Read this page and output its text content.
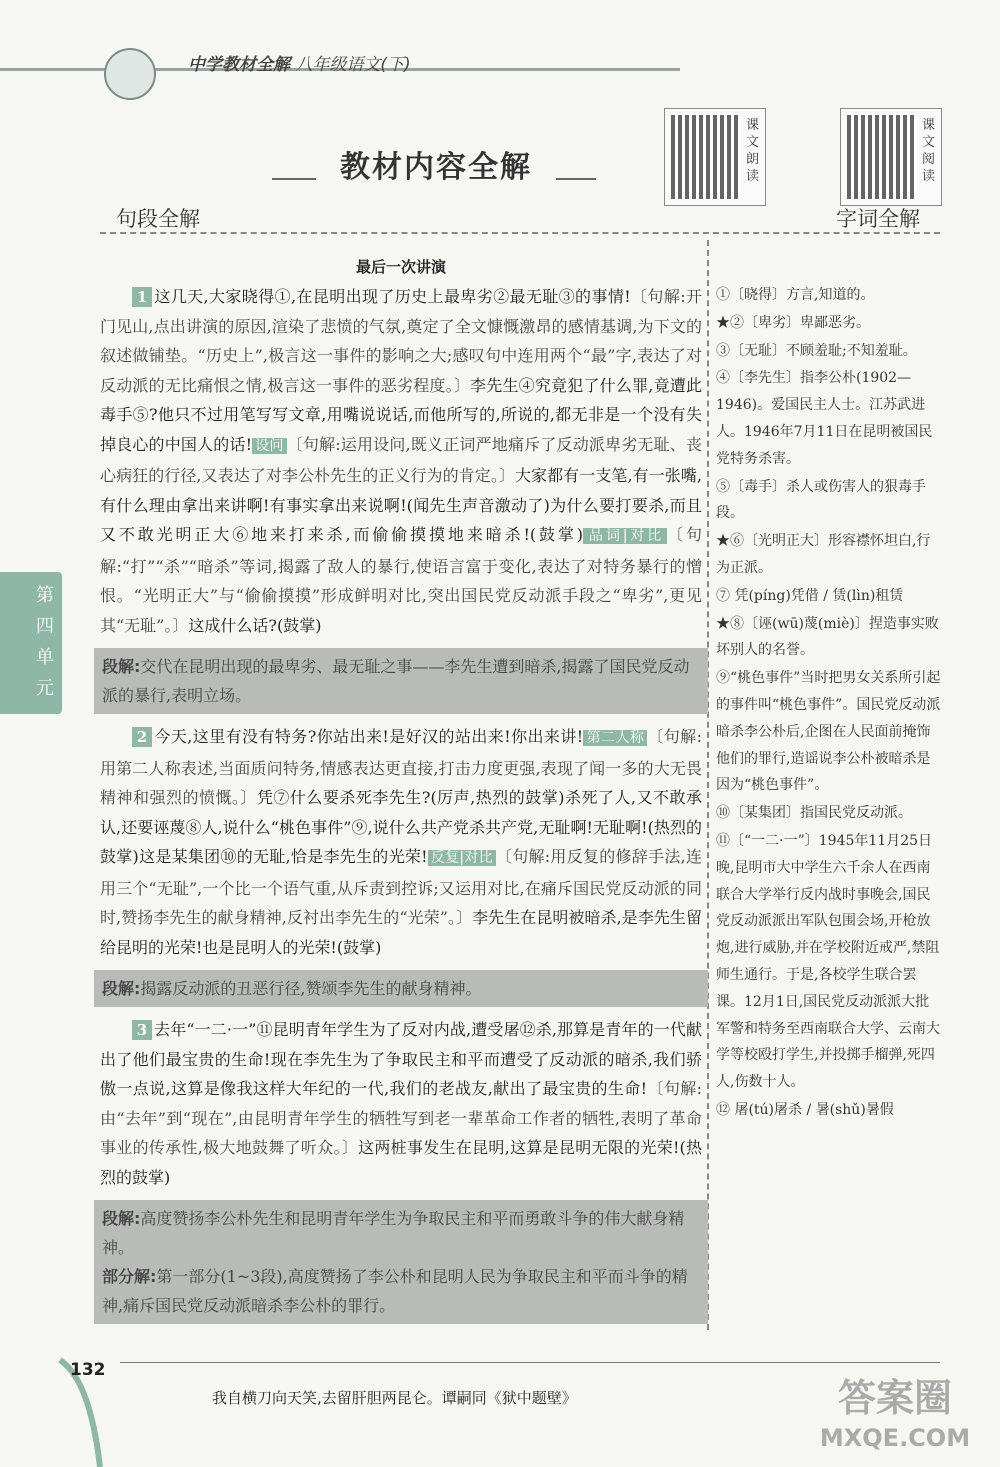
中学教材全解 八年级语文(下)
教材内容全解
课文朗读
课文阅读
句段全解	字词全解
第四单元

最后一次讲演

1 这几天,大家晓得①,在昆明出现了历史上最卑劣②最无耻③的事情!〔句解:开门见山,点出讲演的原因,渲染了悲愤的气氛,奠定了全文慷慨激昂的感情基调,为下文的叙述做铺垫。“历史上”,极言这一事件的影响之大;感叹句中连用两个“最”字,表达了对反动派的无比痛恨之情,极言这一事件的恶劣程度。〕李先生④究竟犯了什么罪,竟遭此毒手⑤?他只不过用笔写写文章,用嘴说说话,而他所写的,所说的,都无非是一个没有失掉良心的中国人的话! 设问 〔句解:运用设问,既义正词严地痛斥了反动派卑劣无耻、丧心病狂的行径,又表达了对李公朴先生的正义行为的肯定。〕大家都有一支笔,有一张嘴,有什么理由拿出来讲啊!有事实拿出来说啊!(闻先生声音激动了)为什么要打要杀,而且又不敢光明正大⑥地来打来杀,而偷偷摸摸地来暗杀!(鼓掌) 品词|对比 〔句解:“打”“杀”“暗杀”等词,揭露了敌人的暴行,使语言富于变化,表达了对特务暴行的憎恨。“光明正大”与“偷偷摸摸”形成鲜明对比,突出国民党反动派手段之“卑劣”,更见其“无耻”。〕这成什么话?(鼓掌)

段解:交代在昆明出现的最卑劣、最无耻之事——李先生遭到暗杀,揭露了国民党反动派的暴行,表明立场。

2 今天,这里有没有特务?你站出来!是好汉的站出来!你出来讲! 第二人称 〔句解:用第二人称表述,当面质问特务,情感表达更直接,打击力度更强,表现了闻一多的大无畏精神和强烈的愤慨。〕凭⑦什么要杀死李先生?(厉声,热烈的鼓掌)杀死了人,又不敢承认,还要诬蔑⑧人,说什么“桃色事件”⑨,说什么共产党杀共产党,无耻啊!无耻啊!(热烈的鼓掌)这是某集团⑩的无耻,恰是李先生的光荣! 反复|对比 〔句解:用反复的修辞手法,连用三个“无耻”,一个比一个语气重,从斥责到控诉;又运用对比,在痛斥国民党反动派的同时,赞扬李先生的献身精神,反衬出李先生的“光荣”。〕李先生在昆明被暗杀,是李先生留给昆明的光荣!也是昆明人的光荣!(鼓掌)

段解:揭露反动派的丑恶行径,赞颂李先生的献身精神。

3 去年“一二·一”⑪昆明青年学生为了反对内战,遭受屠⑫杀,那算是青年的一代献出了他们最宝贵的生命!现在李先生为了争取民主和平而遭受了反动派的暗杀,我们骄傲一点说,这算是像我这样大年纪的一代,我们的老战友,献出了最宝贵的生命!〔句解:由“去年”到“现在”,由昆明青年学生的牺牲写到老一辈革命工作者的牺牲,表明了革命事业的传承性,极大地鼓舞了听众。〕这两桩事发生在昆明,这算是昆明无限的光荣!(热烈的鼓掌)

段解:高度赞扬李公朴先生和昆明青年学生为争取民主和平而勇敢斗争的伟大献身精神。
部分解:第一部分(1~3段),高度赞扬了李公朴和昆明人民为争取民主和平而斗争的精神,痛斥国民党反动派暗杀李公朴的罪行。

①〔晓得〕方言,知道的。

★②〔卑劣〕卑鄙恶劣。

③〔无耻〕不顾羞耻;不知羞耻。

④〔李先生〕指李公朴(1902—1946)。爱国民主人士。江苏武进人。1946年7月11日在昆明被国民党特务杀害。

⑤〔毒手〕杀人或伤害人的狠毒手段。

★⑥〔光明正大〕形容襟怀坦白,行为正派。

⑦ 凭(píng)凭借 / 赁(lìn)租赁

★⑧〔诬(wū)蔑(miè)〕捏造事实败坏别人的名誉。

⑨“桃色事件”当时把男女关系所引起的事件叫“桃色事件”。国民党反动派暗杀李公朴后,企图在人民面前掩饰他们的罪行,造谣说李公朴被暗杀是因为“桃色事件”。

⑩〔某集团〕指国民党反动派。

⑪〔“一二·一”〕1945年11月25日晚,昆明市大中学生六千余人在西南联合大学举行反内战时事晚会,国民党反动派派出军队包围会场,开枪放炮,进行威胁,并在学校附近戒严,禁阻师生通行。于是,各校学生联合罢课。12月1日,国民党反动派派大批军警和特务至西南联合大学、云南大学等校殴打学生,并投掷手榴弹,死四人,伤数十人。

⑫ 屠(tú)屠杀 / 暑(shǔ)暑假

132
我自横刀向天笑,去留肝胆两昆仑。谭嗣同《狱中题壁》	答案圈
MXQE.COM
